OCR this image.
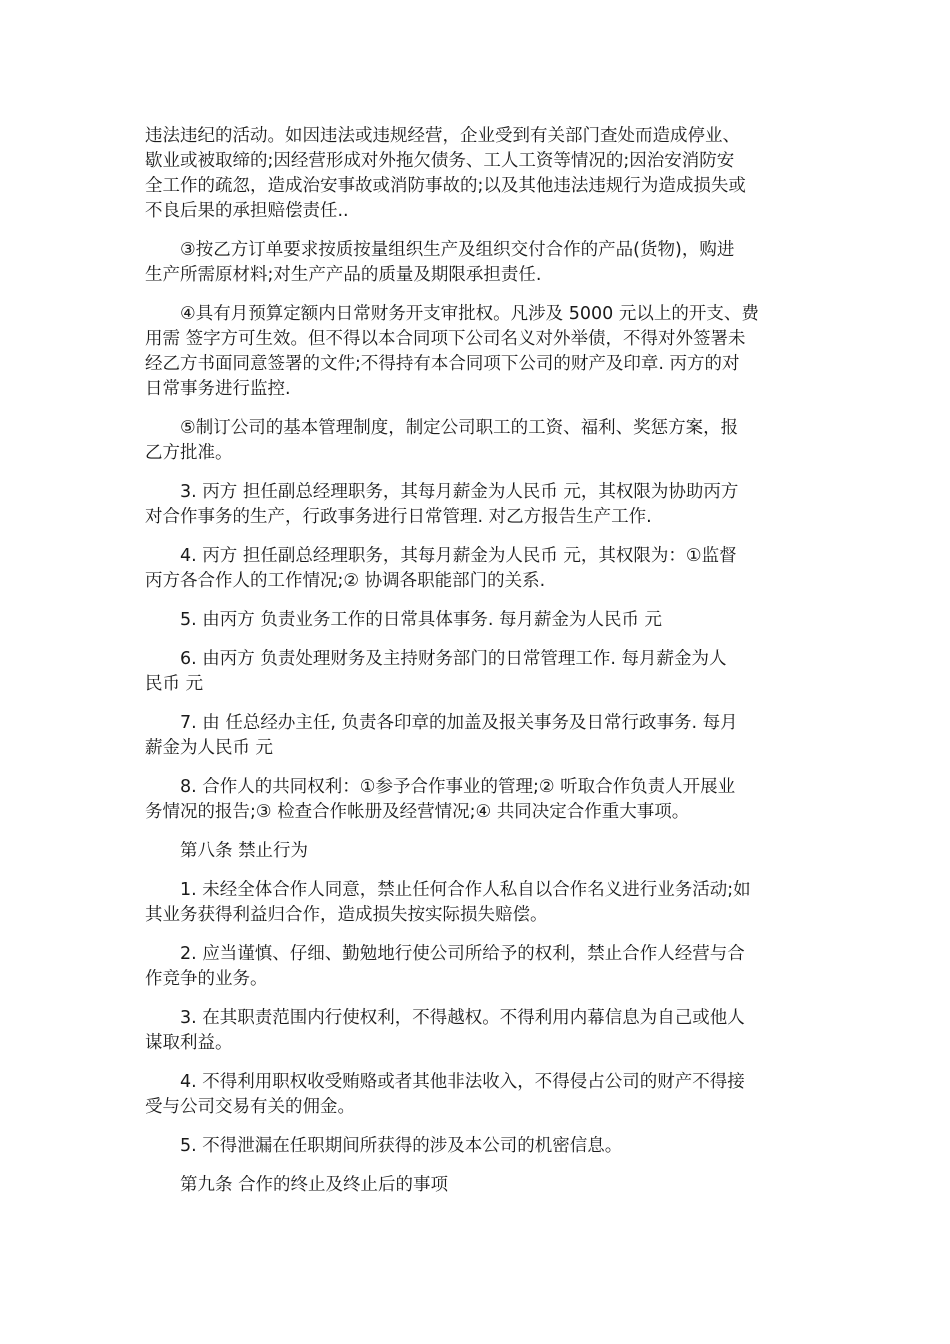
违法违纪的活动。如因违法或违规经营，企业受到有关部门查处而造成停业、
歇业或被取缔的;因经营形成对外拖欠债务、工人工资等情况的;因治安消防安
全工作的疏忽，造成治安事故或消防事故的;以及其他违法违规行为造成损失或
不良后果的承担赔偿责任..
③按乙方订单要求按质按量组织生产及组织交付合作的产品(货物)，购进
生产所需原材料;对生产产品的质量及期限承担责任.
④具有月预算定额内日常财务开支审批权。凡涉及 5000 元以上的开支、费
用需 签字方可生效。但不得以本合同项下公司名义对外举债，不得对外签署未
经乙方书面同意签署的文件;不得持有本合同项下公司的财产及印章. 丙方的对
日常事务进行监控.
⑤制订公司的基本管理制度，制定公司职工的工资、福利、奖惩方案，报
乙方批准。
3. 丙方 担任副总经理职务，其每月薪金为人民币 元，其权限为协助丙方
对合作事务的生产，行政事务进行日常管理. 对乙方报告生产工作.
4. 丙方 担任副总经理职务，其每月薪金为人民币 元，其权限为：①监督
丙方各合作人的工作情况;② 协调各职能部门的关系.
5. 由丙方 负责业务工作的日常具体事务. 每月薪金为人民币 元
6. 由丙方 负责处理财务及主持财务部门的日常管理工作. 每月薪金为人
民币 元
7. 由 任总经办主任, 负责各印章的加盖及报关事务及日常行政事务. 每月
薪金为人民币 元
8. 合作人的共同权利：①参予合作事业的管理;② 听取合作负责人开展业
务情况的报告;③ 检查合作帐册及经营情况;④ 共同决定合作重大事项。
第八条 禁止行为
1. 未经全体合作人同意，禁止任何合作人私自以合作名义进行业务活动;如
其业务获得利益归合作，造成损失按实际损失赔偿。
2. 应当谨慎、仔细、勤勉地行使公司所给予的权利，禁止合作人经营与合
作竞争的业务。
3. 在其职责范围内行使权利，不得越权。不得利用内幕信息为自己或他人
谋取利益。
4. 不得利用职权收受贿赂或者其他非法收入，不得侵占公司的财产不得接
受与公司交易有关的佣金。
5. 不得泄漏在任职期间所获得的涉及本公司的机密信息。
第九条 合作的终止及终止后的事项
